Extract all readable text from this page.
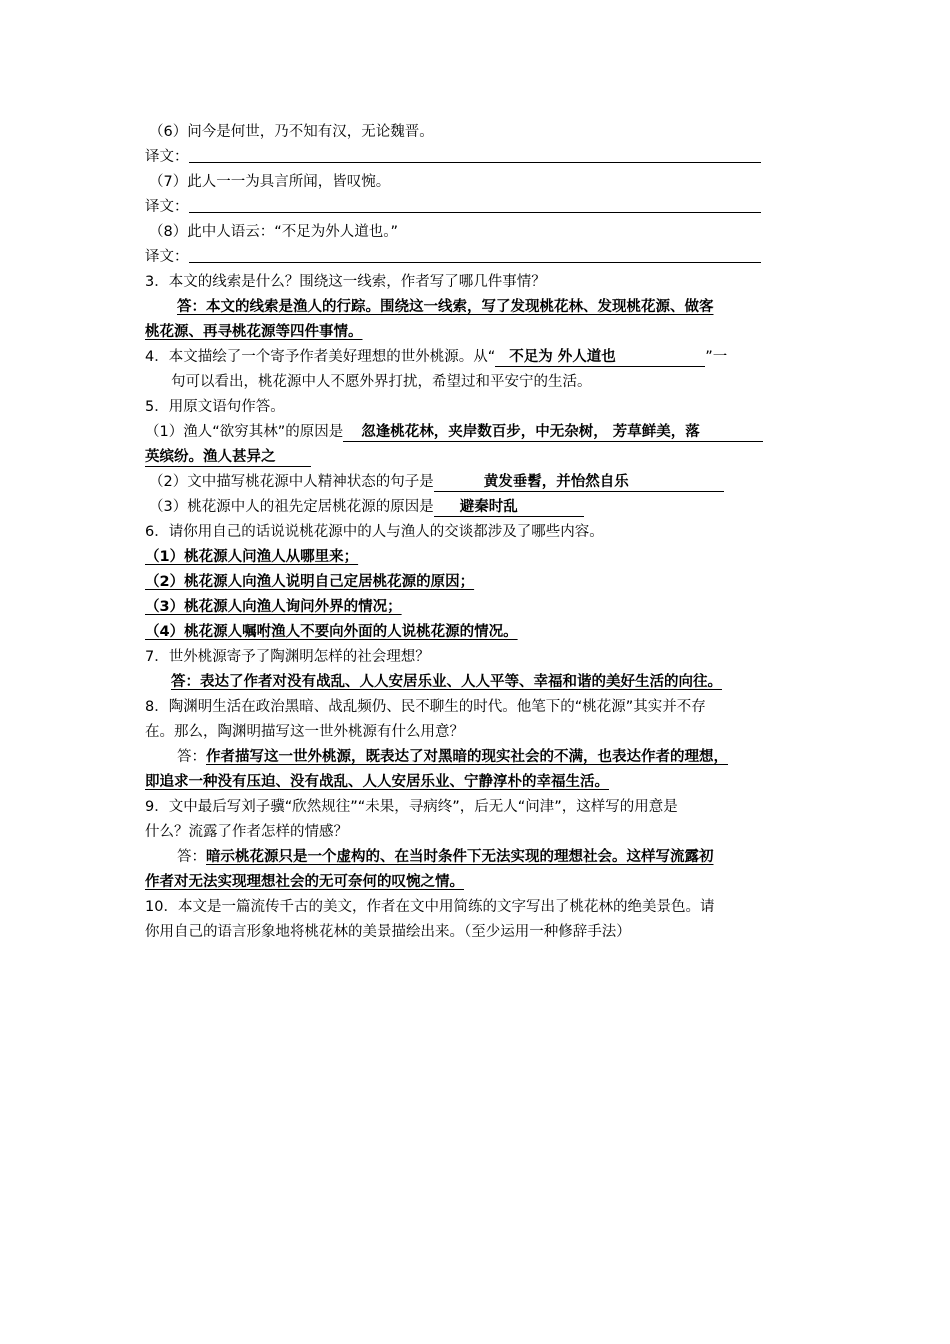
（6）问今是何世，乃不知有汉，无论魏晋。
译文：
（7）此人一一为具言所闻，皆叹惋。
译文：
（8）此中人语云：“不足为外人道也。”
译文：
3．本文的线索是什么？围绕这一线索，作者写了哪几件事情？
答：本文的线索是渔人的行踪。围绕这一线索，写了发现桃花林、发现桃花源、做客
桃花源、再寻桃花源等四件事情。
4．本文描绘了一个寄予作者美好理想的世外桃源。从“ 不足为 外人道也	”一
句可以看出，桃花源中人不愿外界打扰，希望过和平安宁的生活。
5．用原文语句作答。
（1）渔人“欲穷其林”的原因是 忽逢桃花林，夹岸数百步，中无杂树， 芳草鲜美，落
英缤纷。渔人甚异之
（2）文中描写桃花源中人精神状态的句子是	黄发垂髫，并怡然自乐
（3）桃花源中人的祖先定居桃花源的原因是 避秦时乱
6．请你用自己的话说说桃花源中的人与渔人的交谈都涉及了哪些内容。
（1）桃花源人问渔人从哪里来；
（2）桃花源人向渔人说明自己定居桃花源的原因；
（3）桃花源人向渔人询问外界的情况；
（4）桃花源人嘱咐渔人不要向外面的人说桃花源的情况。
7．世外桃源寄予了陶渊明怎样的社会理想？
答：表达了作者对没有战乱、人人安居乐业、人人平等、幸福和谐的美好生活的向往。
8．陶渊明生活在政治黑暗、战乱频仍、民不聊生的时代。他笔下的“桃花源”其实并不存
在。那么，陶渊明描写这一世外桃源有什么用意？
答：作者描写这一世外桃源，既表达了对黑暗的现实社会的不满，也表达作者的理想，
即追求一种没有压迫、没有战乱、人人安居乐业、宁静淳朴的幸福生活。
9．文中最后写刘子骥“欣然规往”“未果，寻病终”，后无人“问津”，这样写的用意是
什么？流露了作者怎样的情感？
答：暗示桃花源只是一个虚构的、在当时条件下无法实现的理想社会。这样写流露初
作者对无法实现理想社会的无可奈何的叹惋之情。
10．本文是一篇流传千古的美文，作者在文中用简练的文字写出了桃花林的绝美景色。请
你用自己的语言形象地将桃花林的美景描绘出来。（至少运用一种修辞手法）
